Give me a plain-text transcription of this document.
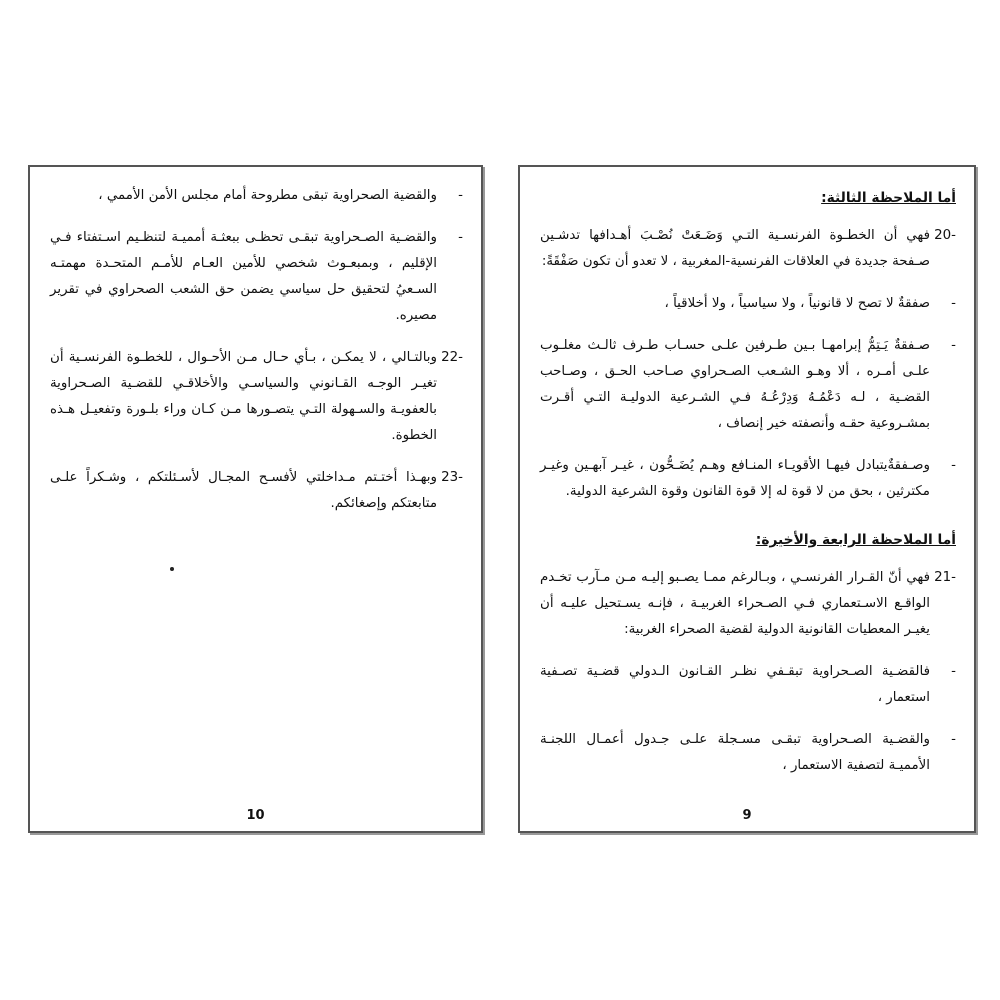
-
والقضية الصحراوية تبقى مطروحة أمام مجلس الأمن الأممي ،
-
والقضـية الصـحراوية تبقـى تحظـى ببعثـة أمميـة لتنظـيم اسـتفتاء فـي الإقليم ، وبمبعـوث شخصي للأمين العـام للأمـم المتحـدة مهمتـه السـعيُ لتحقيق حل سياسي يضمن حق الشعب الصحراوي في تقرير مصيره.
-22
وبالتـالي ، لا يمكـن ، بـأي حـال مـن الأحـوال ، للخطـوة الفرنسـية أن تغيـر الوجـه القـانوني والسياسـي والأخلاقـي للقضـية الصـحراوية بالعفويـة والسـهولة التـي يتصـورها مـن كـان وراء بلـورة وتفعيـل هـذه الخطوة.
-23
وبهـذا أختـتم مـداخلتي لأفسـح المجـال لأسـئلتكم ، وشـكراً علـى متابعتكم وإصغائكم.
10
أما الملاحظة الثالثة:
-20
فهي أن الخطـوة الفرنسـية التـي وَضَـعَتْ نُصْـبَ أهـدافها تدشـين صـفحة جديدة في العلاقات الفرنسية-المغربية ، لا تعدو أن تكون صَفْقَةً:
-
صفقةٌ لا تصح لا قانونياً ، ولا سياسياً ، ولا أخلاقياً ،
-
صـفقةٌ يَـتِمُّ إبرامهـا بـين طـرفين علـى حسـاب طـرف ثالـث مغلـوب علـى أمـره ، ألا وهـو الشـعب الصـحراوي صـاحب الحـق ، وصـاحب القضـية ، لـه دَعْمُـهُ وَدِرْعُـهُ فـي الشـرعية الدوليـة التـي أقـرت بمشـروعية حقـه وأنصفته خير إنصاف ،
-
وصـفقةٌيتبادل فيهـا الأقويـاء المنـافع وهـم يُضَـحُّون ، غيـر آبهـين وغيـر مكترثين ، بحق من لا قوة له إلا قوة القانون وقوة الشرعية الدولية.
أما الملاحظة الرابعة والأخيرة:
-21
فهي أنّ القـرار الفرنسـي ، وبـالرغم ممـا يصـبو إليـه مـن مـآرب تخـدم الواقـع الاسـتعماري فـي الصـحراء الغربيـة ، فإنـه يسـتحيل عليـه أن يغيـر المعطيات القانونية الدولية لقضية الصحراء الغربية:
-
فالقضـية الصـحراوية تبقـفي نظـر القـانون الـدولي قضـية تصـفية استعمار ،
-
والقضـية الصـحراوية تبقـى مسـجلة علـى جـدول أعمـال اللجنـة الأمميـة لتصفية الاستعمار ،
9
